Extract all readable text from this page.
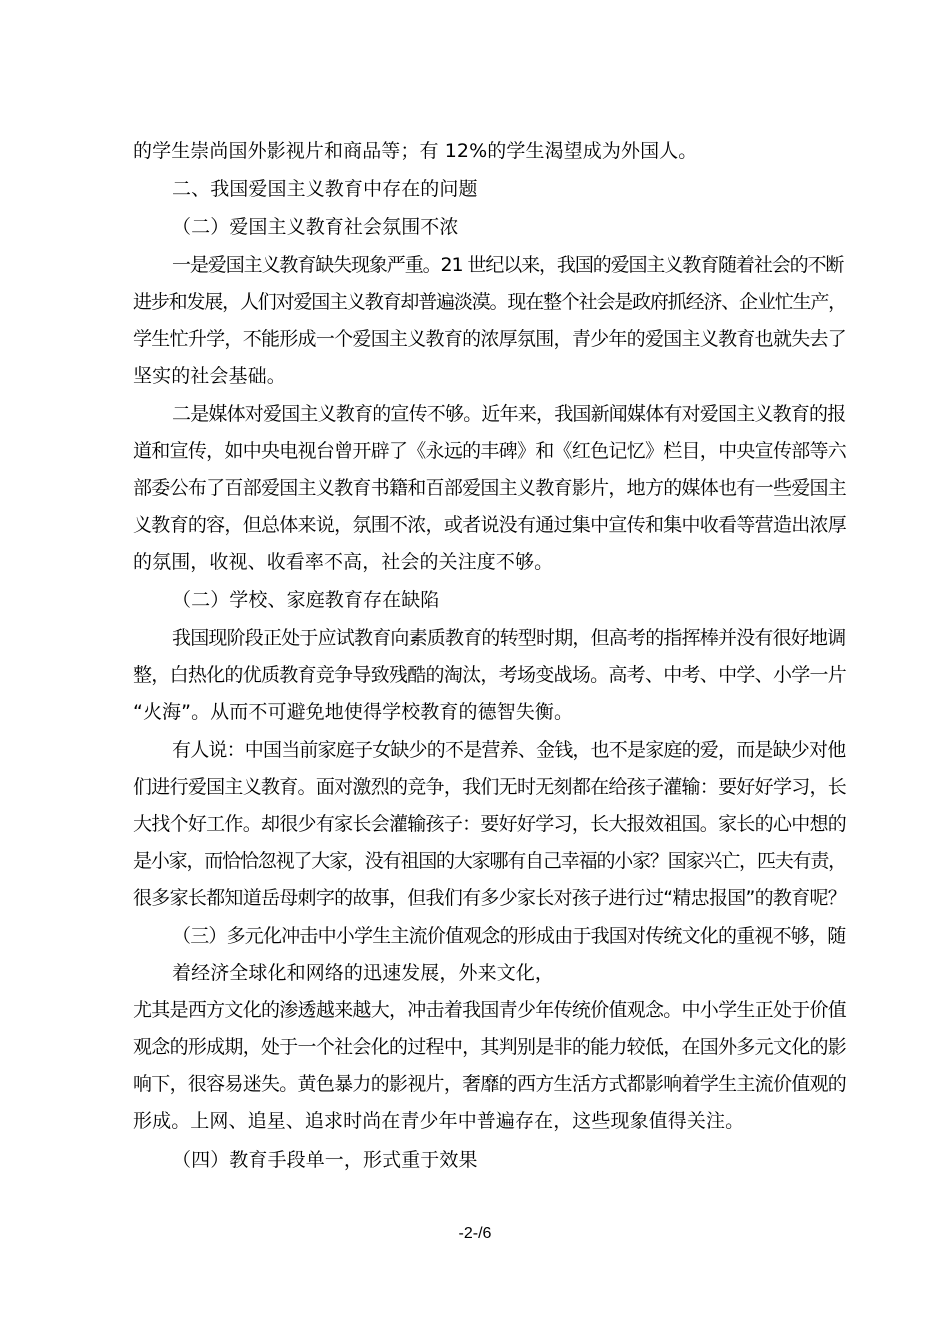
的学生崇尚国外影视片和商品等；有 12%的学生渴望成为外国人。

二、我国爱国主义教育中存在的问题

（二）爱国主义教育社会氛围不浓

一是爱国主义教育缺失现象严重。21 世纪以来，我国的爱国主义教育随着社会的不断

进步和发展，人们对爱国主义教育却普遍淡漠。现在整个社会是政府抓经济、企业忙生产，

学生忙升学，不能形成一个爱国主义教育的浓厚氛围，青少年的爱国主义教育也就失去了

坚实的社会基础。

二是媒体对爱国主义教育的宣传不够。近年来，我国新闻媒体有对爱国主义教育的报

道和宣传，如中央电视台曾开辟了《永远的丰碑》和《红色记忆》栏目，中央宣传部等六

部委公布了百部爱国主义教育书籍和百部爱国主义教育影片，地方的媒体也有一些爱国主

义教育的容，但总体来说，氛围不浓，或者说没有通过集中宣传和集中收看等营造出浓厚

的氛围，收视、收看率不高，社会的关注度不够。

（二）学校、家庭教育存在缺陷

我国现阶段正处于应试教育向素质教育的转型时期，但高考的指挥棒并没有很好地调

整，白热化的优质教育竞争导致残酷的淘汰，考场变战场。高考、中考、中学、小学一片

“火海”。从而不可避免地使得学校教育的德智失衡。

有人说：中国当前家庭子女缺少的不是营养、金钱，也不是家庭的爱，而是缺少对他

们进行爱国主义教育。面对激烈的竞争，我们无时无刻都在给孩子灌输：要好好学习，长

大找个好工作。却很少有家长会灌输孩子：要好好学习，长大报效祖国。家长的心中想的

是小家，而恰恰忽视了大家，没有祖国的大家哪有自己幸福的小家？国家兴亡，匹夫有责，

很多家长都知道岳母刺字的故事，但我们有多少家长对孩子进行过“精忠报国”的教育呢？

（三）多元化冲击中小学生主流价值观念的形成由于我国对传统文化的重视不够，随

着经济全球化和网络的迅速发展，外来文化，

尤其是西方文化的渗透越来越大，冲击着我国青少年传统价值观念。中小学生正处于价值

观念的形成期，处于一个社会化的过程中，其判别是非的能力较低，在国外多元文化的影

响下，很容易迷失。黄色暴力的影视片，奢靡的西方生活方式都影响着学生主流价值观的

形成。上网、追星、追求时尚在青少年中普遍存在，这些现象值得关注。

（四）教育手段单一，形式重于效果

-2-/6
